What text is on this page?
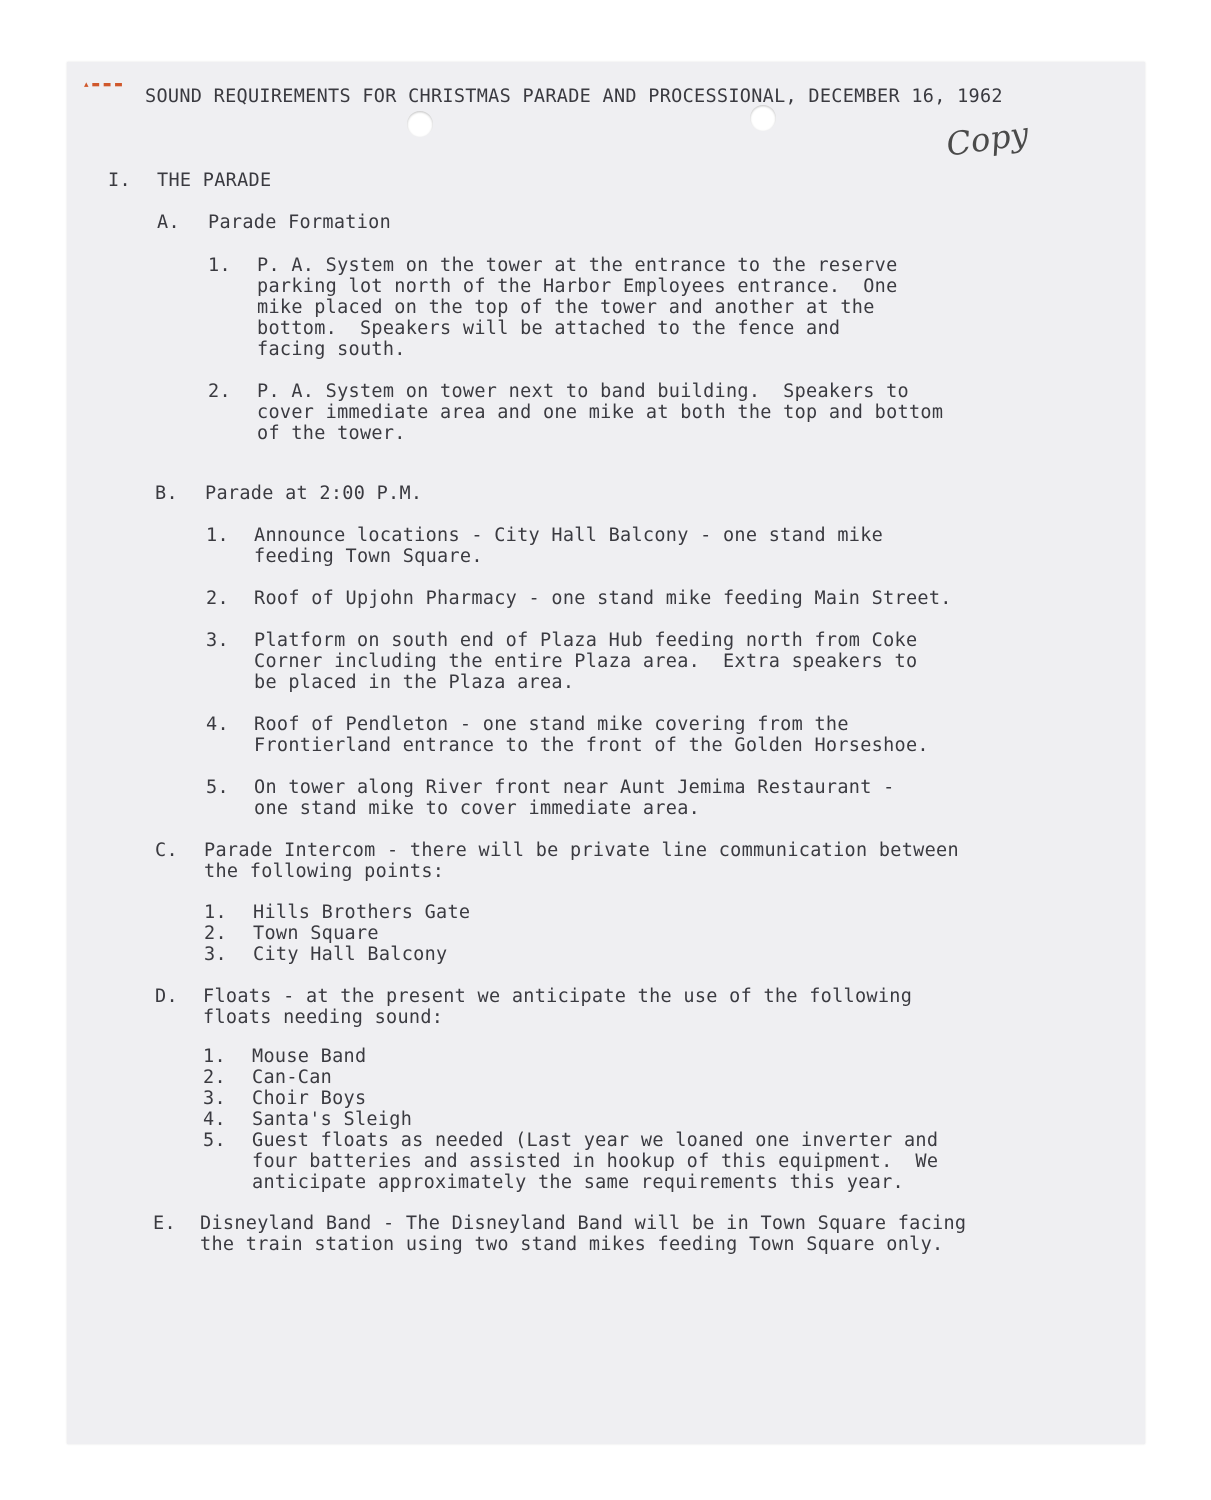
▴ ▬ ▬ ▬
SOUND REQUIREMENTS FOR CHRISTMAS PARADE AND PROCESSIONAL, DECEMBER 16, 1962
Copy
I. THE PARADE
A. Parade Formation
1. P. A. System on the tower at the entrance to the reserve
parking lot north of the Harbor Employees entrance.  One
mike placed on the top of the tower and another at the
bottom.  Speakers will be attached to the fence and
facing south.
2. P. A. System on tower next to band building.  Speakers to
cover immediate area and one mike at both the top and bottom
of the tower.
B. Parade at 2:00 P.M.
1. Announce locations - City Hall Balcony - one stand mike
feeding Town Square.
2. Roof of Upjohn Pharmacy - one stand mike feeding Main Street.
3. Platform on south end of Plaza Hub feeding north from Coke
Corner including the entire Plaza area.  Extra speakers to
be placed in the Plaza area.
4. Roof of Pendleton - one stand mike covering from the
Frontierland entrance to the front of the Golden Horseshoe.
5. On tower along River front near Aunt Jemima Restaurant -
one stand mike to cover immediate area.
C. Parade Intercom - there will be private line communication between
the following points:
1. Hills Brothers Gate
2. Town Square
3. City Hall Balcony
D. Floats - at the present we anticipate the use of the following
floats needing sound:
1. Mouse Band
2. Can-Can
3. Choir Boys
4. Santa's Sleigh
5. Guest floats as needed (Last year we loaned one inverter and
four batteries and assisted in hookup of this equipment.  We
anticipate approximately the same requirements this year.
E. Disneyland Band - The Disneyland Band will be in Town Square facing
the train station using two stand mikes feeding Town Square only.
